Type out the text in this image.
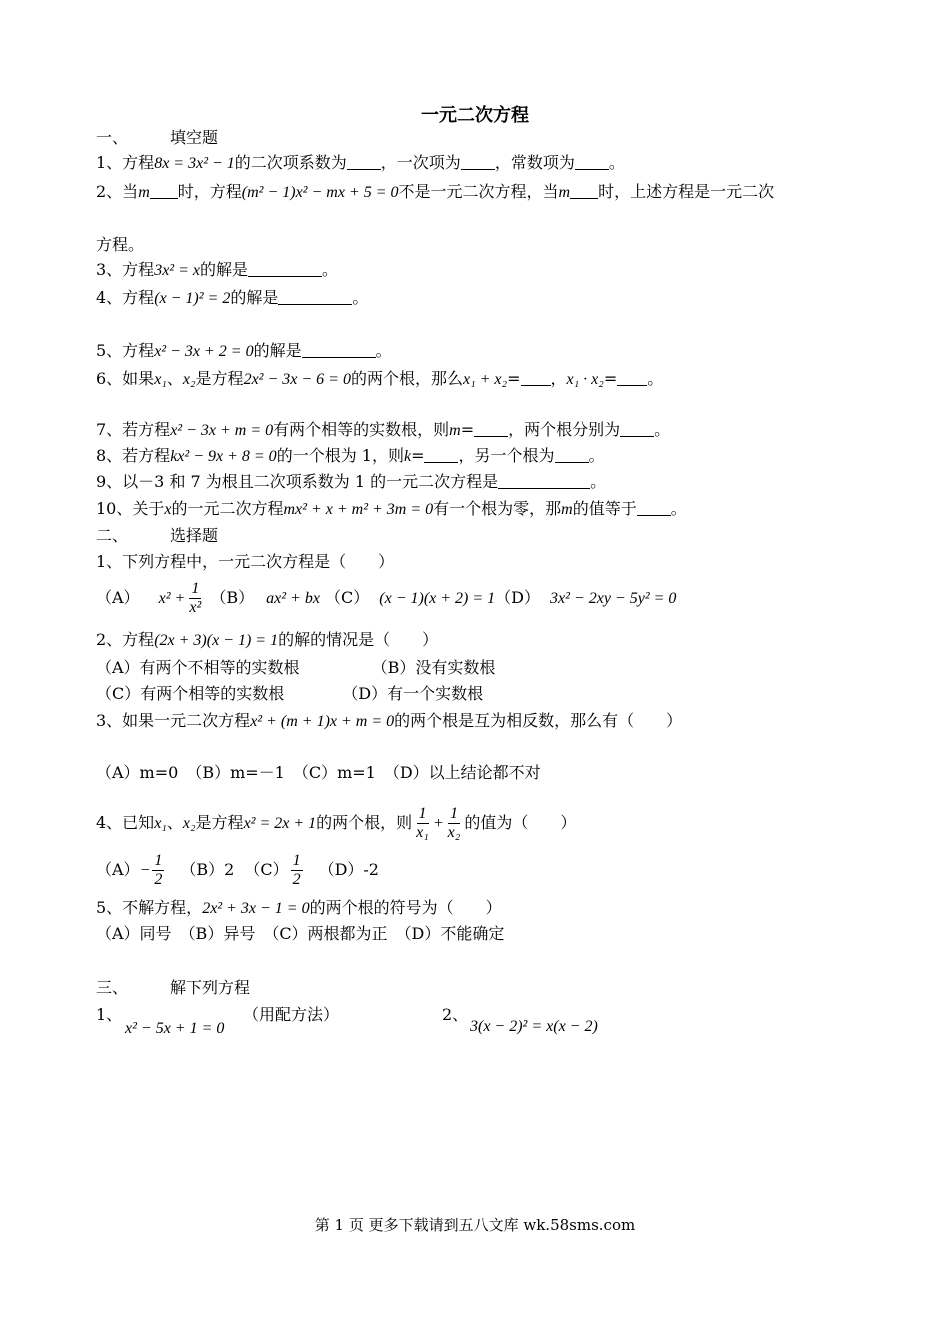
一元二次方程
一、	填空题
1、方程8x = 3x² − 1的二次项系数为 ，一次项为 ，常数项为 。
2、当m 时，方程(m² − 1)x² − mx + 5 = 0不是一元二次方程，当m 时，上述方程是一元二次
方程。
3、方程3x² = x的解是	。
4、方程(x − 1)² = 2的解是	。
5、方程x² − 3x + 2 = 0的解是	。
6、如果x₁、x₂是方程2x² − 3x − 6 = 0的两个根，那么x₁ + x₂= ，x₁ · x₂= 。
7、若方程x² − 3x + m = 0有两个相等的实数根，则m= ，两个根分别为 。
8、若方程kx² − 9x + 8 = 0的一个根为 1，则k= ，另一个根为 。
9、以－3 和 7 为根且二次项系数为 1 的一元二次方程是	。
10、关于x的一元二次方程mx² + x + m² + 3m = 0有一个根为零，那m的值等于 。
二、	选择题
1、下列方程中，一元二次方程是（　　）
（A） $x^2 + \frac{1}{\text{x²}} (B) ax^2$ + bx （C） (x − 1)(x + 2) = 1（D） 3x² − 2xy − 5y² = 0
2、方程(2x + 3)(x − 1) = 1的解的情况是（　　）
（A）有两个不相等的实数根	（B）没有实数根
（C）有两个相等的实数根	（D）有一个实数根
3、如果一元二次方程x² + (m + 1)x + m = 0的两个根是互为相反数，那么有（　　）
（A）m=0　（B）m=－1　（C）m=1　（D）以上结论都不对
4、已知x₁、x₂是方程x² = 2x + 1的两个根，则 $\frac{1}{\text{x₁}} + \frac{1}{\text{x₂}}$ 的值为（　　）
$(A)- \frac{1}{2} (B)2$ $(C) \frac{1}{2} (D)-2$
5、不解方程，2x² + 3x − 1 = 0的两个根的符号为（　　）
（A）同号　（B）异号　（C）两根都为正　（D）不能确定
三、	解下列方程
1、
x² − 5x + 1 = 0
（用配方法）	2、
3(x − 2)² = x(x − 2)
第 1 页 更多下载请到五八文库 wk.58sms.com
